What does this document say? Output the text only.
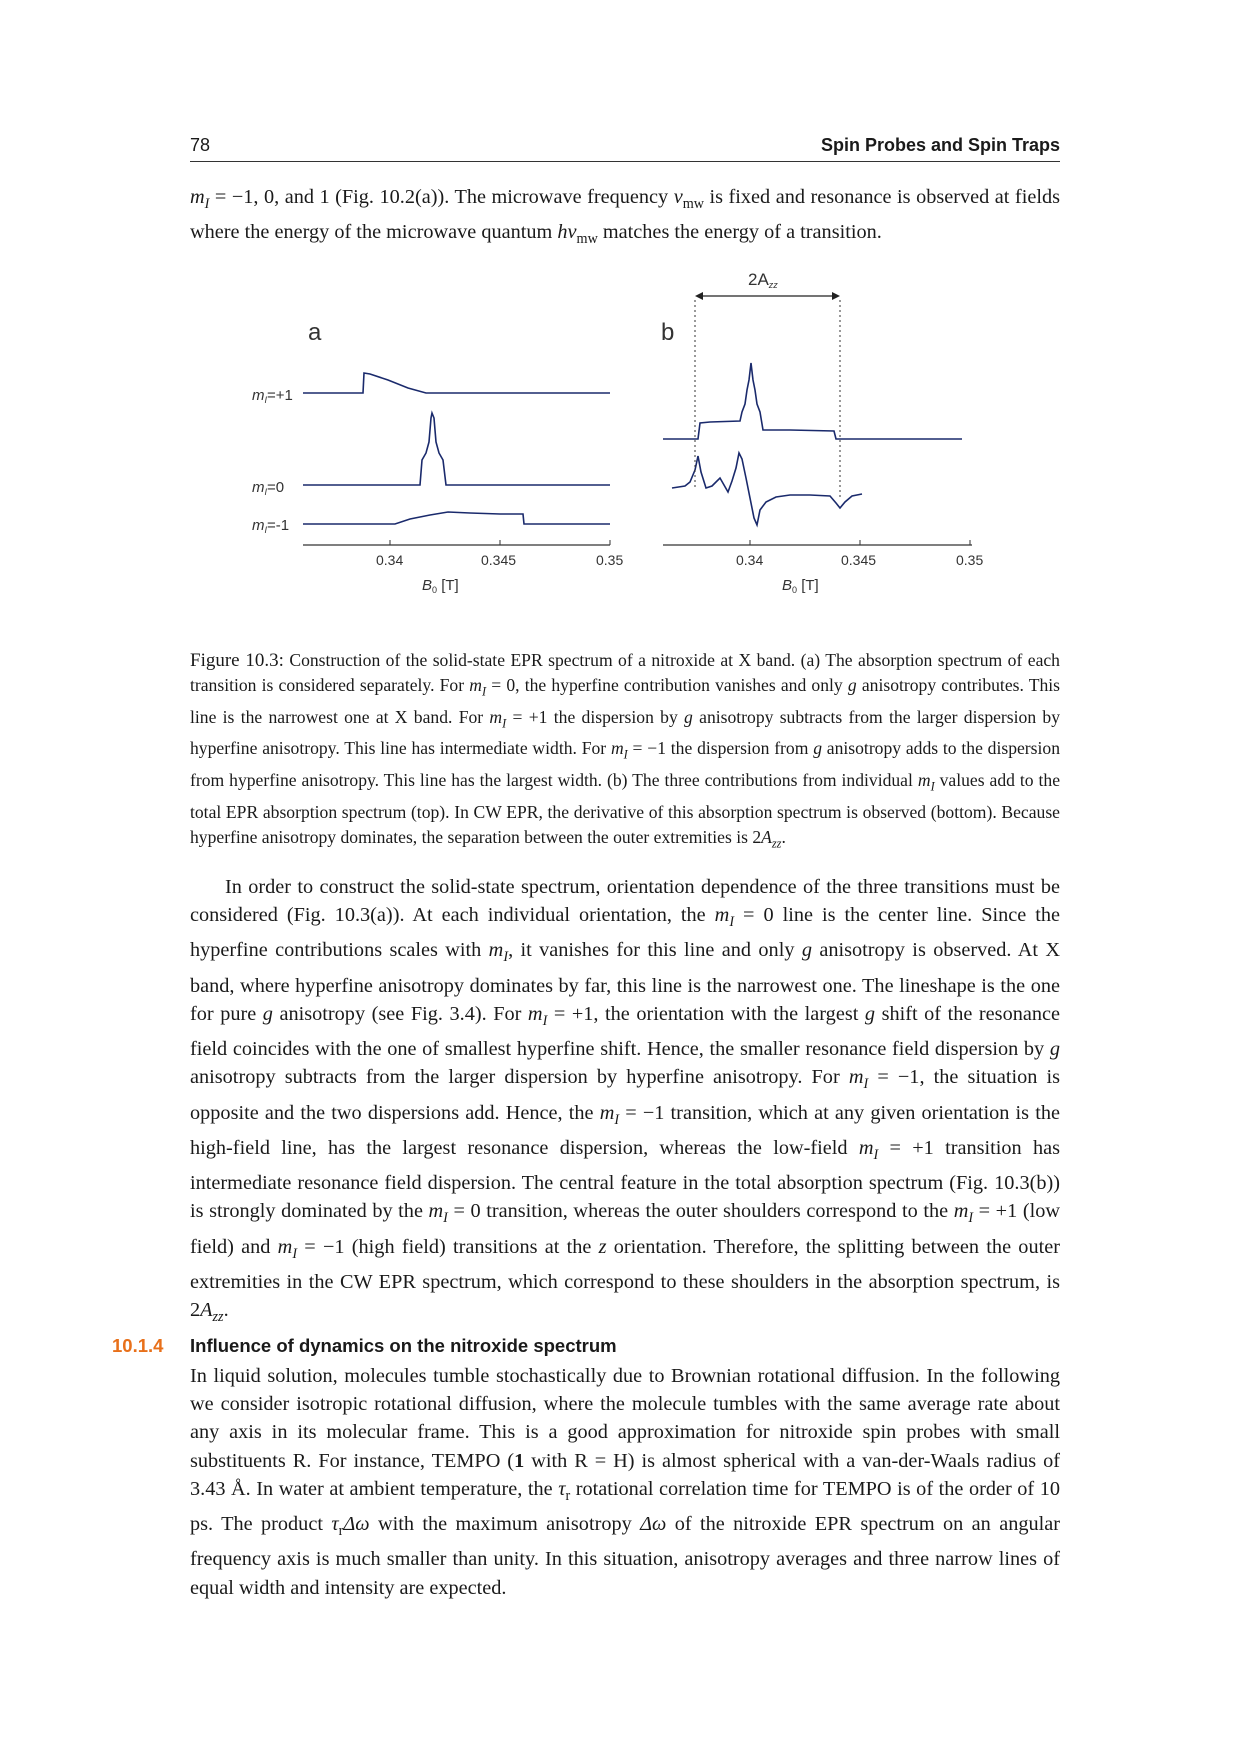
78	Spin Probes and Spin Traps

$m_I = -1$, 0, and 1 (Fig. 10.2(a)). The microwave frequency $\nu_{mw}$ is fixed and resonance is observed at fields where the energy of the microwave quantum $h\nu_{mw}$ matches the energy of a transition.

a	b
$m_I=+1$
$m_I=0$
$m_I=-1$
2Azz
0.34	0.345	0.35
$B_0$ [T]
0.34	0.345	0.35
$B_0$ [T]

Figure 10.3: Construction of the solid-state EPR spectrum of a nitroxide at X band. (a) The absorption spectrum of each transition is considered separately. For $m_I = 0$, the hyperfine contribution vanishes and only g anisotropy contributes. This line is the narrowest one at X band. For $m_I = +1$ the dispersion by g anisotropy subtracts from the larger dispersion by hyperfine anisotropy. This line has intermediate width. For $m_I = -1$ the dispersion from g anisotropy adds to the dispersion from hyperfine anisotropy. This line has the largest width. (b) The three contributions from individual $m_I$ values add to the total EPR absorption spectrum (top). In CW EPR, the derivative of this absorption spectrum is observed (bottom). Because hyperfine anisotropy dominates, the separation between the outer extremities is $2A_{zz}$.

In order to construct the solid-state spectrum, orientation dependence of the three transitions must be considered (Fig. 10.3(a)). At each individual orientation, the $m_I = 0$ line is the center line. Since the hyperfine contributions scales with $m_I$, it vanishes for this line and only g anisotropy is observed. At X band, where hyperfine anisotropy dominates by far, this line is the narrowest one. The lineshape is the one for pure g anisotropy (see Fig. 3.4). For $m_I = +1$, the orientation with the largest g shift of the resonance field coincides with the one of smallest hyperfine shift. Hence, the smaller resonance field dispersion by g anisotropy subtracts from the larger dispersion by hyperfine anisotropy. For $m_I = -1$, the situation is opposite and the two dispersions add. Hence, the $m_I = -1$ transition, which at any given orientation is the high-field line, has the largest resonance dispersion, whereas the low-field $m_I = +1$ transition has intermediate resonance field dispersion. The central feature in the total absorption spectrum (Fig. 10.3(b)) is strongly dominated by the $m_I = 0$ transition, whereas the outer shoulders correspond to the $m_I = +1$ (low field) and $m_I = -1$ (high field) transitions at the z orientation. Therefore, the splitting between the outer extremities in the CW EPR spectrum, which correspond to these shoulders in the absorption spectrum, is $2A_{zz}$.

10.1.4 Influence of dynamics on the nitroxide spectrum

In liquid solution, molecules tumble stochastically due to Brownian rotational diffusion. In the following we consider isotropic rotational diffusion, where the molecule tumbles with the same average rate about any axis in its molecular frame. This is a good approximation for nitroxide spin probes with small substituents R. For instance, TEMPO (1 with R = H) is almost spherical with a van-der-Waals radius of 3.43 Å. In water at ambient temperature, the $\tau_r$ rotational correlation time for TEMPO is of the order of 10 ps. The product $\tau_r\Delta\omega$ with the maximum anisotropy Δω of the nitroxide EPR spectrum on an angular frequency axis is much smaller than unity. In this situation, anisotropy averages and three narrow lines of equal width and intensity are expected.
